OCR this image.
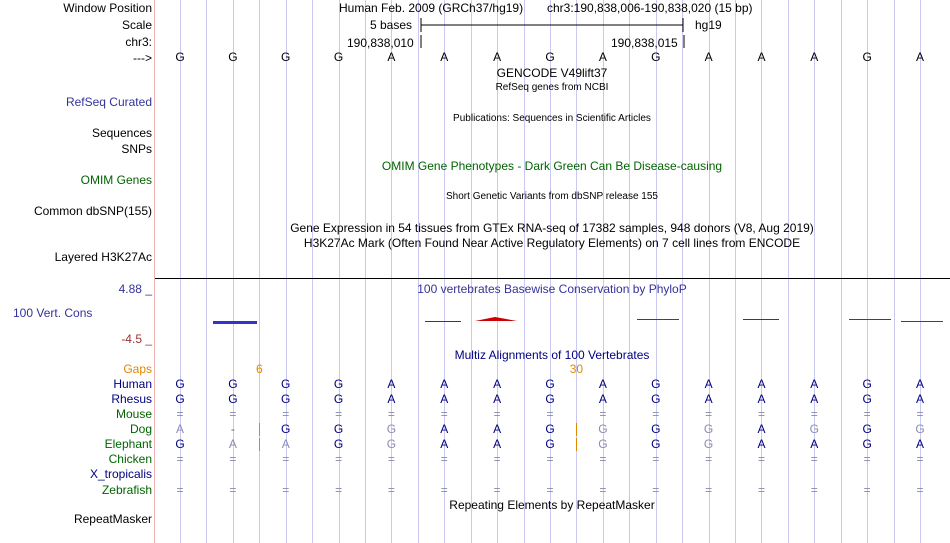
Window Position
Scale
chr3:
--->
Human Feb. 2009 (GRCh37/hg19) chr3:190,838,006-190,838,020 (15 bp)
5 bases	hg19
190,838,010	190,838,015
G	G	G	G	A	A	A	G	A	G	A	A	A	G	A
GENCODE V49lift37
RefSeq genes from NCBI
RefSeq Curated
Publications: Sequences in Scientific Articles
Sequences
SNPs
OMIM Gene Phenotypes - Dark Green Can Be Disease-causing
OMIM Genes
Short Genetic Variants from dbSNP release 155
Common dbSNP(155)
Gene Expression in 54 tissues from GTEx RNA-seq of 17382 samples, 948 donors (V8, Aug 2019)
H3K27Ac Mark (Often Found Near Active Regulatory Elements) on 7 cell lines from ENCODE
Layered H3K27Ac
4.88 _	100 vertebrates Basewise Conservation by PhyloP
100 Vert. Cons
-4.5 _
Multiz Alignments of 100 Vertebrates
Gaps	6	30
Human	G	G	G	G	A	A	A	G	A	G	A	A	A	G	A
Rhesus	G	G	G	G	A	A	A	G	A	G	A	A	A	G	A
Mouse	=	=	=	=	=	=	=	=	=	=	=	=	=	=	=
Dog	A	-	G	G	G	A	A	G	G	G	G	A	G	G	G
Elephant	G	A	A	G	G	A	A	G	G	G	G	A	A	G	A
Chicken	=	=	=	=	=	=	=	=	=	=	=	=	=	=	=
X_tropicalis
Zebrafish	=	=	=	=	=	=	=	=	=	=	=	=	=	=	=
Repeating Elements by RepeatMasker
RepeatMasker
